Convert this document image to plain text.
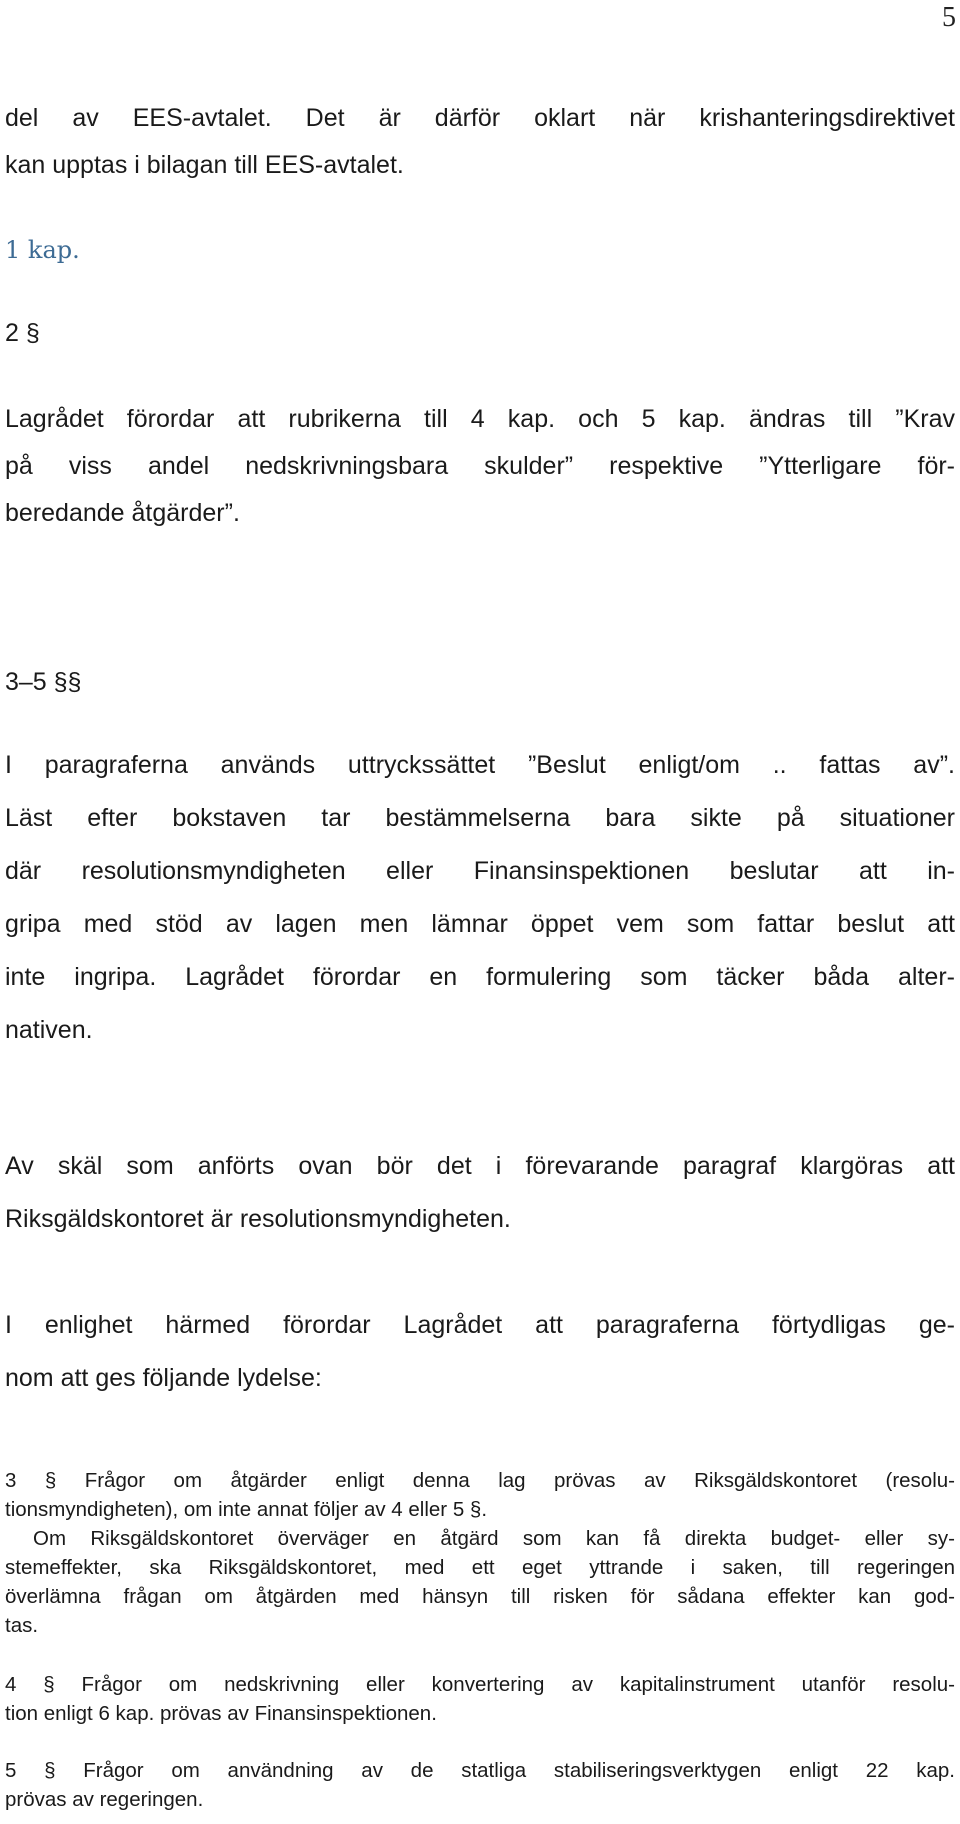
5
del av EES-avtalet. Det är därför oklart när krishanteringsdirektivet
kan upptas i bilagan till EES-avtalet.
1 kap.
2 §
Lagrådet förordar att rubrikerna till 4 kap. och 5 kap. ändras till ”Krav
på viss andel nedskrivningsbara skulder” respektive ”Ytterligare för-
beredande åtgärder”.
3–5 §§
I paragraferna används uttryckssättet ”Beslut enligt/om .. fattas av”.
Läst efter bokstaven tar bestämmelserna bara sikte på situationer
där resolutionsmyndigheten eller Finansinspektionen beslutar att in-
gripa med stöd av lagen men lämnar öppet vem som fattar beslut att
inte ingripa. Lagrådet förordar en formulering som täcker båda alter-
nativen.
Av skäl som anförts ovan bör det i förevarande paragraf klargöras att
Riksgäldskontoret är resolutionsmyndigheten.
I enlighet härmed förordar Lagrådet att paragraferna förtydligas ge-
nom att ges följande lydelse:
3 § Frågor om åtgärder enligt denna lag prövas av Riksgäldskontoret (resolu-
tionsmyndigheten), om inte annat följer av 4 eller 5 §.
Om Riksgäldskontoret överväger en åtgärd som kan få direkta budget- eller sy-
stemeffekter, ska Riksgäldskontoret, med ett eget yttrande i saken, till regeringen
överlämna frågan om åtgärden med hänsyn till risken för sådana effekter kan god-
tas.
4 § Frågor om nedskrivning eller konvertering av kapitalinstrument utanför resolu-
tion enligt 6 kap. prövas av Finansinspektionen.
5 § Frågor om användning av de statliga stabiliseringsverktygen enligt 22 kap.
prövas av regeringen.
